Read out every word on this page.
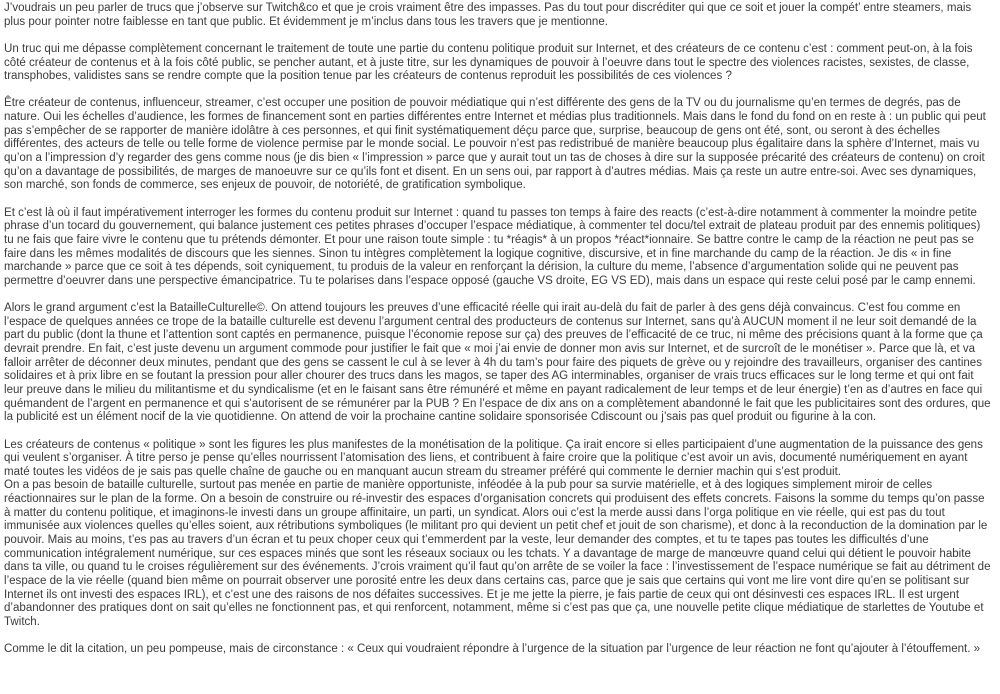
J’voudrais un peu parler de trucs que j’observe sur Twitch&co et que je crois vraiment être des impasses. Pas du tout pour discréditer qui que ce soit et jouer la compét’ entre steamers, mais
plus pour pointer notre faiblesse en tant que public. Et évidemment je m’inclus dans tous les travers que je mentionne.
Un truc qui me dépasse complètement concernant le traitement de toute une partie du contenu politique produit sur Internet, et des créateurs de ce contenu c’est : comment peut-on, à la fois
côté créateur de contenus et à la fois côté public, se pencher autant, et à juste titre, sur les dynamiques de pouvoir à l’oeuvre dans tout le spectre des violences racistes, sexistes, de classe,
transphobes, validistes sans se rendre compte que la position tenue par les créateurs de contenus reproduit les possibilités de ces violences ?
Être créateur de contenus, influenceur, streamer, c’est occuper une position de pouvoir médiatique qui n’est différente des gens de la TV ou du journalisme qu’en termes de degrés, pas de
nature. Oui les échelles d’audience, les formes de financement sont en parties différentes entre Internet et médias plus traditionnels. Mais dans le fond du fond on en reste à : un public qui peut
pas s’empêcher de se rapporter de manière idolâtre à ces personnes, et qui finit systématiquement déçu parce que, surprise, beaucoup de gens ont été, sont, ou seront à des échelles
différentes, des acteurs de telle ou telle forme de violence permise par le monde social. Le pouvoir n’est pas redistribué de manière beaucoup plus égalitaire dans la sphère d’Internet, mais vu
qu’on a l’impression d’y regarder des gens comme nous (je dis bien « l’impression » parce que y aurait tout un tas de choses à dire sur la supposée précarité des créateurs de contenu) on croit
qu’on a davantage de possibilités, de marges de manoeuvre sur ce qu’ils font et disent. En un sens oui, par rapport à d’autres médias. Mais ça reste un autre entre-soi. Avec ses dynamiques,
son marché, son fonds de commerce, ses enjeux de pouvoir, de notoriété, de gratification symbolique.
Et c’est là où il faut impérativement interroger les formes du contenu produit sur Internet : quand tu passes ton temps à faire des reacts (c’est-à-dire notamment à commenter la moindre petite
phrase d’un tocard du gouvernement, qui balance justement ces petites phrases d’occuper l’espace médiatique, à commenter tel docu/tel extrait de plateau produit par des ennemis politiques)
tu ne fais que faire vivre le contenu que tu prétends démonter. Et pour une raison toute simple : tu *réagis* à un propos *réact*ionnaire. Se battre contre le camp de la réaction ne peut pas se
faire dans les mêmes modalités de discours que les siennes. Sinon tu intègres complètement la logique cognitive, discursive, et in fine marchande du camp de la réaction. Je dis « in fine
marchande » parce que ce soit à tes dépends, soit cyniquement, tu produis de la valeur en renforçant la dérision, la culture du meme, l’absence d’argumentation solide qui ne peuvent pas
permettre d’oeuvrer dans une perspective émancipatrice. Tu te polarises dans l’espace opposé (gauche VS droite, EG VS ED), mais dans un espace qui reste celui posé par le camp ennemi.
Alors le grand argument c’est la BatailleCulturelle©. On attend toujours les preuves d’une efficacité réelle qui irait au-delà du fait de parler à des gens déjà convaincus. C’est fou comme en
l’espace de quelques années ce trope de la bataille culturelle est devenu l’argument central des producteurs de contenus sur Internet, sans qu’à AUCUN moment il ne leur soit demandé de la
part du public (dont la thune et l’attention sont captés en permanence, puisque l’économie repose sur ça) des preuves de l’efficacité de ce truc, ni même des précisions quant à la forme que ça
devrait prendre. En fait, c’est juste devenu un argument commode pour justifier le fait que « moi j’ai envie de donner mon avis sur Internet, et de surcroît de le monétiser ». Parce que là, et va
falloir arrêter de déconner deux minutes, pendant que des gens se cassent le cul à se lever à 4h du tam’s pour faire des piquets de grève ou y rejoindre des travailleurs, organiser des cantines
solidaires et à prix libre en se foutant la pression pour aller chourer des trucs dans les magos, se taper des AG interminables, organiser de vrais trucs efficaces sur le long terme et qui ont fait
leur preuve dans le milieu du militantisme et du syndicalisme (et en le faisant sans être rémunéré et même en payant radicalement de leur temps et de leur énergie) t’en as d’autres en face qui
quémandent de l’argent en permanence et qui s’autorisent de se rémunérer par la PUB ? En l’espace de dix ans on a complètement abandonné le fait que les publicitaires sont des ordures, que
la publicité est un élément nocif de la vie quotidienne. On attend de voir la prochaine cantine solidaire sponsorisée Cdiscount ou j’sais pas quel produit ou figurine à la con.
Les créateurs de contenus « politique » sont les figures les plus manifestes de la monétisation de la politique. Ça irait encore si elles participaient d’une augmentation de la puissance des gens
qui veulent s’organiser. À titre perso je pense qu’elles nourrissent l’atomisation des liens, et contribuent à faire croire que la politique c’est avoir un avis, documenté numériquement en ayant
maté toutes les vidéos de je sais pas quelle chaîne de gauche ou en manquant aucun stream du streamer préféré qui commente le dernier machin qui s’est produit.
On a pas besoin de bataille culturelle, surtout pas menée en partie de manière opportuniste, inféodée à la pub pour sa survie matérielle, et à des logiques simplement miroir de celles
réactionnaires sur le plan de la forme. On a besoin de construire ou ré-investir des espaces d’organisation concrets qui produisent des effets concrets. Faisons la somme du temps qu’on passe
à matter du contenu politique, et imaginons-le investi dans un groupe affinitaire, un parti, un syndicat. Alors oui c’est la merde aussi dans l’orga politique en vie réelle, qui est pas du tout
immunisée aux violences quelles qu’elles soient, aux rétributions symboliques (le militant pro qui devient un petit chef et jouit de son charisme), et donc à la reconduction de la domination par le
pouvoir. Mais au moins, t’es pas au travers d’un écran et tu peux choper ceux qui t’emmerdent par la veste, leur demander des comptes, et tu te tapes pas toutes les difficultés d’une
communication intégralement numérique, sur ces espaces minés que sont les réseaux sociaux ou les tchats. Y a davantage de marge de manœuvre quand celui qui détient le pouvoir habite
dans ta ville, ou quand tu le croises régulièrement sur des événements. J’crois vraiment qu’il faut qu’on arrête de se voiler la face : l’investissement de l’espace numérique se fait au détriment de
l’espace de la vie réelle (quand bien même on pourrait observer une porosité entre les deux dans certains cas, parce que je sais que certains qui vont me lire vont dire qu’en se politisant sur
Internet ils ont investi des espaces IRL), et c’est une des raisons de nos défaites successives. Et je me jette la pierre, je fais partie de ceux qui ont désinvesti ces espaces IRL. Il est urgent
d’abandonner des pratiques dont on sait qu’elles ne fonctionnent pas, et qui renforcent, notamment, même si c’est pas que ça, une nouvelle petite clique médiatique de starlettes de Youtube et
Twitch.
Comme le dit la citation, un peu pompeuse, mais de circonstance : « Ceux qui voudraient répondre à l’urgence de la situation par l’urgence de leur réaction ne font qu’ajouter à l’étouffement. »
